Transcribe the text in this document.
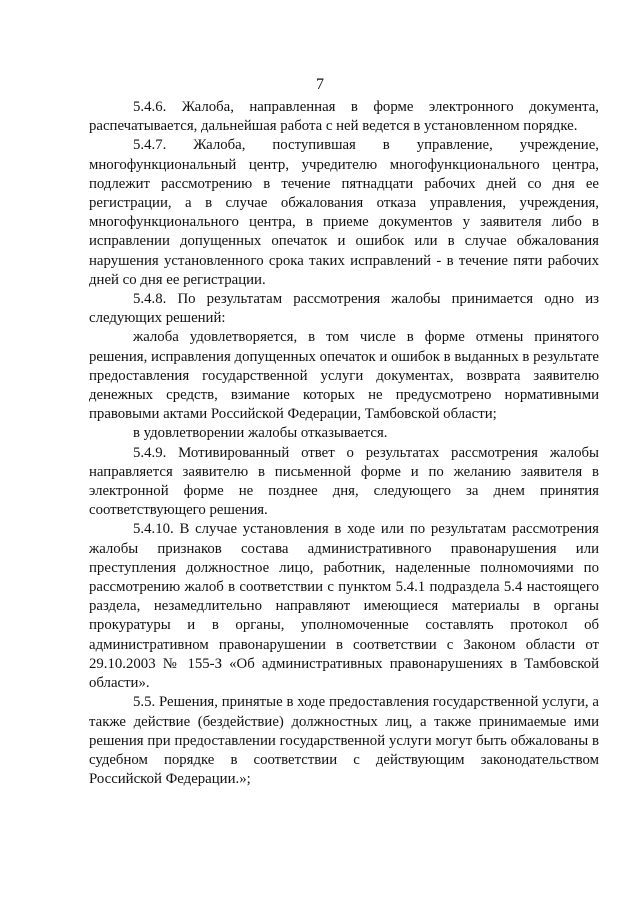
7

5.4.6. Жалоба, направленная в форме электронного документа, распечатывается, дальнейшая работа с ней ведется в установленном порядке.

5.4.7. Жалоба, поступившая в управление, учреждение, многофункциональный центр, учредителю многофункционального центра, подлежит рассмотрению в течение пятнадцати рабочих дней со дня ее регистрации, а в случае обжалования отказа управления, учреждения, многофункционального центра, в приеме документов у заявителя либо в исправлении допущенных опечаток и ошибок или в случае обжалования нарушения установленного срока таких исправлений - в течение пяти рабочих дней со дня ее регистрации.

5.4.8. По результатам рассмотрения жалобы принимается одно из следующих решений:

жалоба удовлетворяется, в том числе в форме отмены принятого решения, исправления допущенных опечаток и ошибок в выданных в результате предоставления государственной услуги документах, возврата заявителю денежных средств, взимание которых не предусмотрено нормативными правовыми актами Российской Федерации, Тамбовской области;

в удовлетворении жалобы отказывается.

5.4.9. Мотивированный ответ о результатах рассмотрения жалобы направляется заявителю в письменной форме и по желанию заявителя в электронной форме не позднее дня, следующего за днем принятия соответствующего решения.

5.4.10. В случае установления в ходе или по результатам рассмотрения жалобы признаков состава административного правонарушения или преступления должностное лицо, работник, наделенные полномочиями по рассмотрению жалоб в соответствии с пунктом 5.4.1 подраздела 5.4 настоящего раздела, незамедлительно направляют имеющиеся материалы в органы прокуратуры и в органы, уполномоченные составлять протокол об административном правонарушении в соответствии с Законом области от 29.10.2003 № 155-З «Об административных правонарушениях в Тамбовской области».

5.5. Решения, принятые в ходе предоставления государственной услуги, а также действие (бездействие) должностных лиц, а также принимаемые ими решения при предоставлении государственной услуги могут быть обжалованы в судебном порядке в соответствии с действующим законодательством Российской Федерации.»;
